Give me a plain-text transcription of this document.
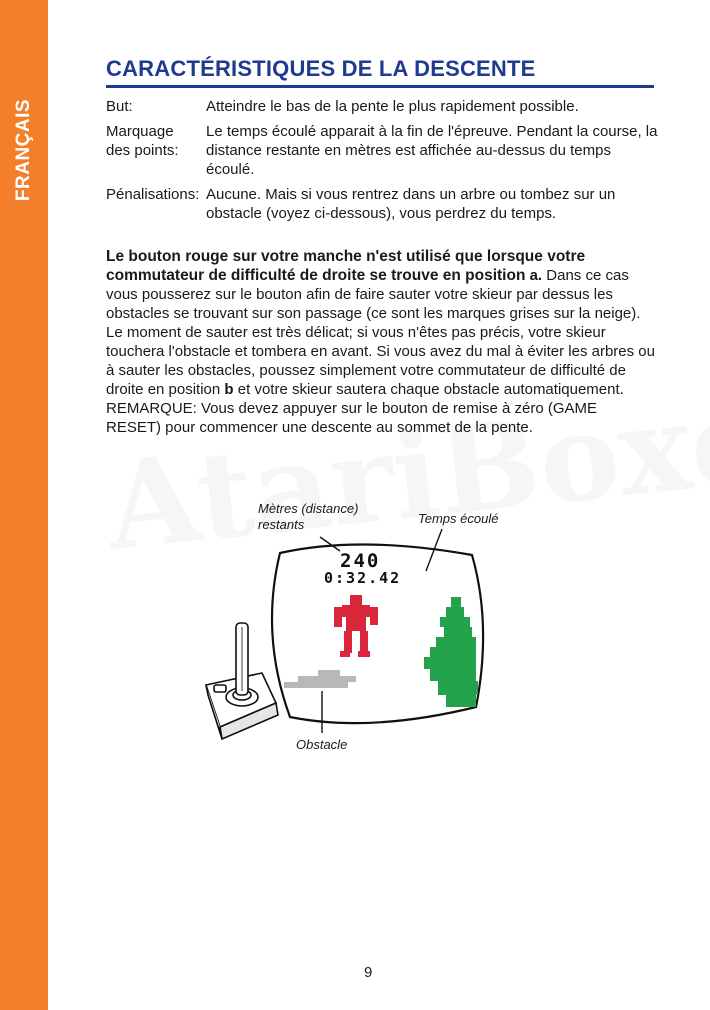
FRANÇAIS
CARACTÉRISTIQUES DE LA DESCENTE
But:	Atteindre le bas de la pente le plus rapidement possible.
Marquage
des points:
Le temps écoulé apparait à la fin de l'épreuve. Pendant la course, la distance restante en mètres est affichée au-dessus du temps écoulé.
Pénalisations: Aucune. Mais si vous rentrez dans un arbre ou tombez sur un obstacle (voyez ci-dessous), vous perdrez du temps.

Le bouton rouge sur votre manche n'est utilisé que lorsque votre commutateur de difficulté de droite se trouve en position a. Dans ce cas vous pousserez sur le bouton afin de faire sauter votre skieur par dessus les obstacles se trouvant sur son passage (ce sont les marques grises sur la neige). Le moment de sauter est très délicat; si vous n'êtes pas précis, votre skieur touchera l'obstacle et tombera en avant. Si vous avez du mal à éviter les arbres ou à sauter les obstacles, poussez simplement votre commutateur de difficulté de droite en position b et votre skieur sautera chaque obstacle automatiquement. REMARQUE: Vous devez appuyer sur le bouton de remise à zéro (GAME RESET) pour commencer une descente au sommet de la pente.

Mètres (distance)
restants	Temps écoulé
Obstacle
240
0:32.42
9
